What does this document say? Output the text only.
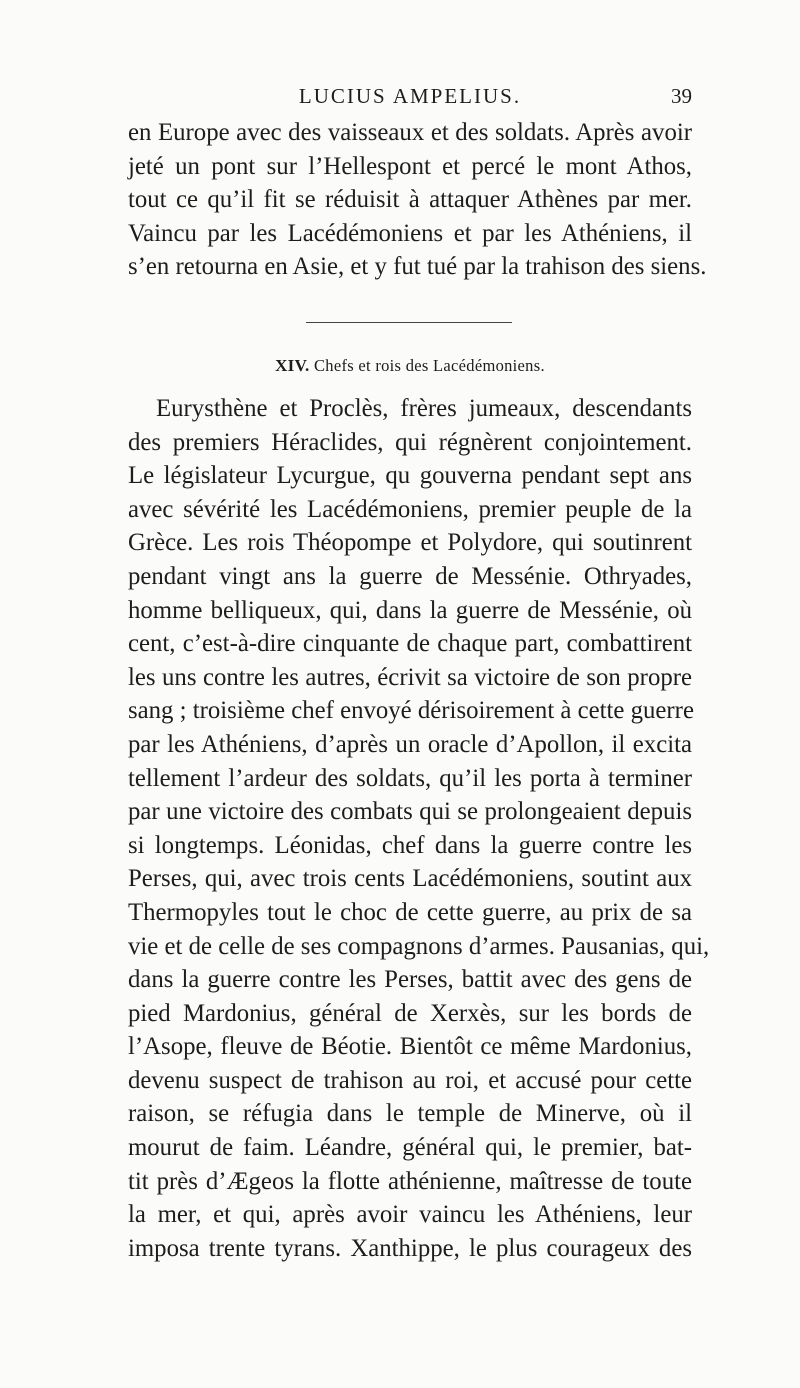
LUCIUS AMPELIUS.	39
en Europe avec des vaisseaux et des soldats. Après avoir
jeté un pont sur l’Hellespont et percé le mont Athos,
tout ce qu’il fit se réduisit à attaquer Athènes par mer.
Vaincu par les Lacédémoniens et par les Athéniens, il
s’en retourna en Asie, et y fut tué par la trahison des siens.
XIV. Chefs et rois des Lacédémoniens.
Eurysthène et Proclès, frères jumeaux, descendants
des premiers Héraclides, qui régnèrent conjointement.
Le législateur Lycurgue, qu gouverna pendant sept ans
avec sévérité les Lacédémoniens, premier peuple de la
Grèce. Les rois Théopompe et Polydore, qui soutinrent
pendant vingt ans la guerre de Messénie. Othryades,
homme belliqueux, qui, dans la guerre de Messénie, où
cent, c’est-à-dire cinquante de chaque part, combattirent
les uns contre les autres, écrivit sa victoire de son propre
sang ; troisième chef envoyé dérisoirement à cette guerre
par les Athéniens, d’après un oracle d’Apollon, il excita
tellement l’ardeur des soldats, qu’il les porta à terminer
par une victoire des combats qui se prolongeaient depuis
si longtemps. Léonidas, chef dans la guerre contre les
Perses, qui, avec trois cents Lacédémoniens, soutint aux
Thermopyles tout le choc de cette guerre, au prix de sa
vie et de celle de ses compagnons d’armes. Pausanias, qui,
dans la guerre contre les Perses, battit avec des gens de
pied Mardonius, général de Xerxès, sur les bords de
l’Asope, fleuve de Béotie. Bientôt ce même Mardonius,
devenu suspect de trahison au roi, et accusé pour cette
raison, se réfugia dans le temple de Minerve, où il
mourut de faim. Léandre, général qui, le premier, bat-
tit près d’Ægeos la flotte athénienne, maîtresse de toute
la mer, et qui, après avoir vaincu les Athéniens, leur
imposa trente tyrans. Xanthippe, le plus courageux des
